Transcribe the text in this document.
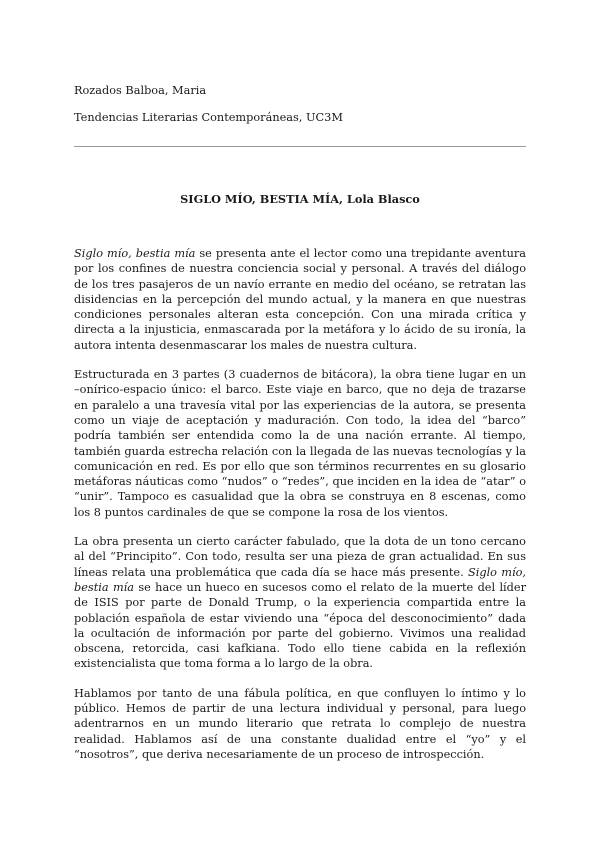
Rozados Balboa, Maria
Tendencias Literarias Contemporáneas, UC3M
SIGLO MÍO, BESTIA MÍA, Lola Blasco

Siglo mío, bestia mía se presenta ante el lector como una trepidante aventura por los confines de nuestra conciencia social y personal. A través del diálogo de los tres pasajeros de un navío errante en medio del océano, se retratan las disidencias en la percepción del mundo actual, y la manera en que nuestras condiciones personales alteran esta concepción. Con una mirada crítica y directa a la injusticia, enmascarada por la metáfora y lo ácido de su ironía, la autora intenta desenmascarar los males de nuestra cultura.

Estructurada en 3 partes (3 cuadernos de bitácora), la obra tiene lugar en un –onírico-espacio único: el barco. Este viaje en barco, que no deja de trazarse en paralelo a una travesía vital por las experiencias de la autora, se presenta como un viaje de aceptación y maduración. Con todo, la idea del “barco” podría también ser entendida como la de una nación errante. Al tiempo, también guarda estrecha relación con la llegada de las nuevas tecnologías y la comunicación en red. Es por ello que son términos recurrentes en su glosario metáforas náuticas como “nudos” o “redes”, que inciden en la idea de “atar” o “unir”. Tampoco es casualidad que la obra se construya en 8 escenas, como los 8 puntos cardinales de que se compone la rosa de los vientos.

La obra presenta un cierto carácter fabulado, que la dota de un tono cercano al del “Principito”. Con todo, resulta ser una pieza de gran actualidad. En sus líneas relata una problemática que cada día se hace más presente. Siglo mío, bestia mía se hace un hueco en sucesos como el relato de la muerte del líder de ISIS por parte de Donald Trump, o la experiencia compartida entre la población española de estar viviendo una “época del desconocimiento” dada la ocultación de información por parte del gobierno. Vivimos una realidad obscena, retorcida, casi kafkiana. Todo ello tiene cabida en la reflexión existencialista que toma forma a lo largo de la obra.

Hablamos por tanto de una fábula política, en que confluyen lo íntimo y lo público. Hemos de partir de una lectura individual y personal, para luego adentrarnos en un mundo literario que retrata lo complejo de nuestra realidad. Hablamos así de una constante dualidad entre el “yo” y el “nosotros”, que deriva necesariamente de un proceso de introspección.
